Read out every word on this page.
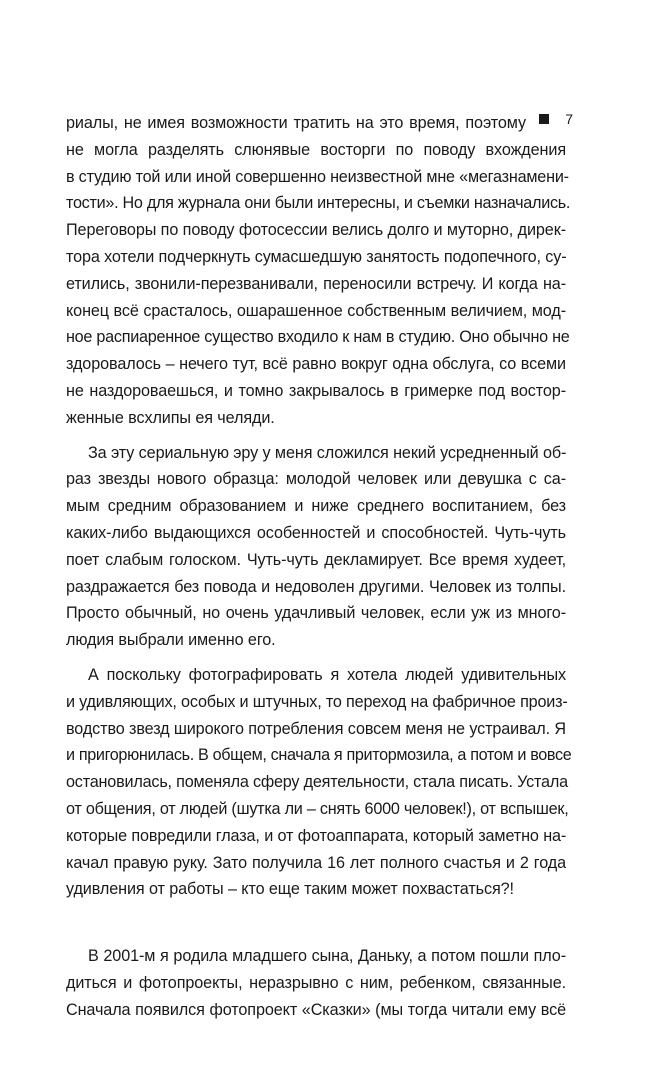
7
риалы, не имея возможности тратить на это время, поэтому
не могла разделять слюнявые восторги по поводу вхождения
в студию той или иной совершенно неизвестной мне «мегазнамени-
тости». Но для журнала они были интересны, и съемки назначались.
Переговоры по поводу фотосессии велись долго и муторно, дирек-
тора хотели подчеркнуть сумасшедшую занятость подопечного, су-
етились, звонили-перезванивали, переносили встречу. И когда на-
конец всё срасталось, ошарашенное собственным величием, мод-
ное распиаренное существо входило к нам в студию. Оно обычно не
здоровалось – нечего тут, всё равно вокруг одна обслуга, со всеми
не наздороваешься, и томно закрывалось в гримерке под востор-
женные всхлипы ея челяди.
За эту сериальную эру у меня сложился некий усредненный об-
раз звезды нового образца: молодой человек или девушка с са-
мым средним образованием и ниже среднего воспитанием, без
каких-либо выдающихся особенностей и способностей. Чуть-чуть
поет слабым голоском. Чуть-чуть декламирует. Все время худеет,
раздражается без повода и недоволен другими. Человек из толпы.
Просто обычный, но очень удачливый человек, если уж из много-
людия выбрали именно его.
А поскольку фотографировать я хотела людей удивительных
и удивляющих, особых и штучных, то переход на фабричное произ-
водство звезд широкого потребления совсем меня не устраивал. Я
и пригорюнилась. В общем, сначала я притормозила, а потом и вовсе
остановилась, поменяла сферу деятельности, стала писать. Устала
от общения, от людей (шутка ли – снять 6000 человек!), от вспышек,
которые повредили глаза, и от фотоаппарата, который заметно на-
качал правую руку. Зато получила 16 лет полного счастья и 2 года
удивления от работы – кто еще таким может похвастаться?!
В 2001-м я родила младшего сына, Даньку, а потом пошли пло-
диться и фотопроекты, неразрывно с ним, ребенком, связанные.
Сначала появился фотопроект «Сказки» (мы тогда читали ему всё
